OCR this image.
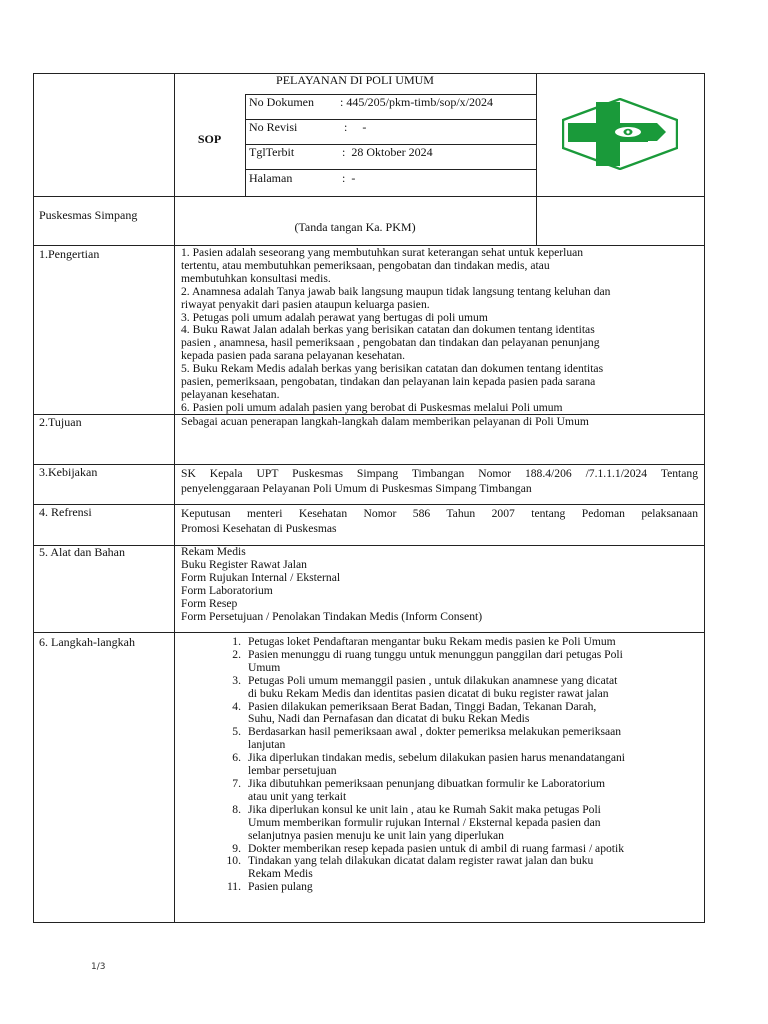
PELAYANAN DI POLI UMUM
SOP
No Dokumen : 445/205/pkm-timb/sop/x/2024
No Revisi	:     -
TglTerbit	:  28 Oktober 2024
Halaman	:  -
Puskesmas Simpang
(Tanda tangan Ka. PKM)
1.Pengertian	1. Pasien adalah seseorang yang membutuhkan surat keterangan sehat untuk keperluan
tertentu, atau membutuhkan pemeriksaan, pengobatan dan tindakan medis, atau
membutuhkan konsultasi medis.
2. Anamnesa adalah Tanya jawab baik langsung maupun tidak langsung tentang keluhan dan
riwayat penyakit dari pasien ataupun keluarga pasien.
3. Petugas poli umum adalah perawat yang bertugas di poli umum
4. Buku Rawat Jalan adalah berkas yang berisikan catatan dan dokumen tentang identitas
pasien , anamnesa, hasil pemeriksaan , pengobatan dan tindakan dan pelayanan penunjang
kepada pasien pada sarana pelayanan kesehatan.
5. Buku Rekam Medis adalah berkas yang berisikan catatan dan dokumen tentang identitas
pasien, pemeriksaan, pengobatan, tindakan dan pelayanan lain kepada pasien pada sarana
pelayanan kesehatan.
6. Pasien poli umum adalah pasien yang berobat di Puskesmas melalui Poli umum
2.Tujuan	Sebagai acuan penerapan langkah-langkah dalam memberikan pelayanan di Poli Umum
3.Kebijakan	SK Kepala UPT Puskesmas Simpang Timbangan Nomor 188.4/206 /7.1.1.1/2024 Tentang
penyelenggaraan Pelayanan Poli Umum di Puskesmas Simpang Timbangan
4. Refrensi	Keputusan menteri Kesehatan Nomor 586 Tahun 2007 tentang Pedoman pelaksanaan
Promosi Kesehatan di Puskesmas
5. Alat dan Bahan	Rekam Medis
Buku Register Rawat Jalan
Form Rujukan Internal / Eksternal
Form Laboratorium
Form Resep
Form Persetujuan / Penolakan Tindakan Medis (Inform Consent)
6. Langkah-langkah	1. Petugas loket Pendaftaran mengantar buku Rekam medis pasien ke Poli Umum
2. Pasien menunggu di ruang tunggu untuk menunggun panggilan dari petugas Poli
Umum
3. Petugas Poli umum memanggil pasien , untuk dilakukan anamnese yang dicatat
di buku Rekam Medis dan identitas pasien dicatat di buku register rawat jalan
4. Pasien dilakukan pemeriksaan Berat Badan, Tinggi Badan, Tekanan Darah,
Suhu, Nadi dan Pernafasan dan dicatat di buku Rekan Medis
5. Berdasarkan hasil pemeriksaan awal , dokter pemeriksa melakukan pemeriksaan
lanjutan
6. Jika diperlukan tindakan medis, sebelum dilakukan pasien harus menandatangani
lembar persetujuan
7. Jika dibutuhkan pemeriksaan penunjang dibuatkan formulir ke Laboratorium
atau unit yang terkait
8. Jika diperlukan konsul ke unit lain , atau ke Rumah Sakit maka petugas Poli
Umum memberikan formulir rujukan Internal / Eksternal kepada pasien dan
selanjutnya pasien menuju ke unit lain yang diperlukan
9. Dokter memberikan resep kepada pasien untuk di ambil di ruang farmasi / apotik
10. Tindakan yang telah dilakukan dicatat dalam register rawat jalan dan buku
Rekam Medis
11. Pasien pulang
1/3
